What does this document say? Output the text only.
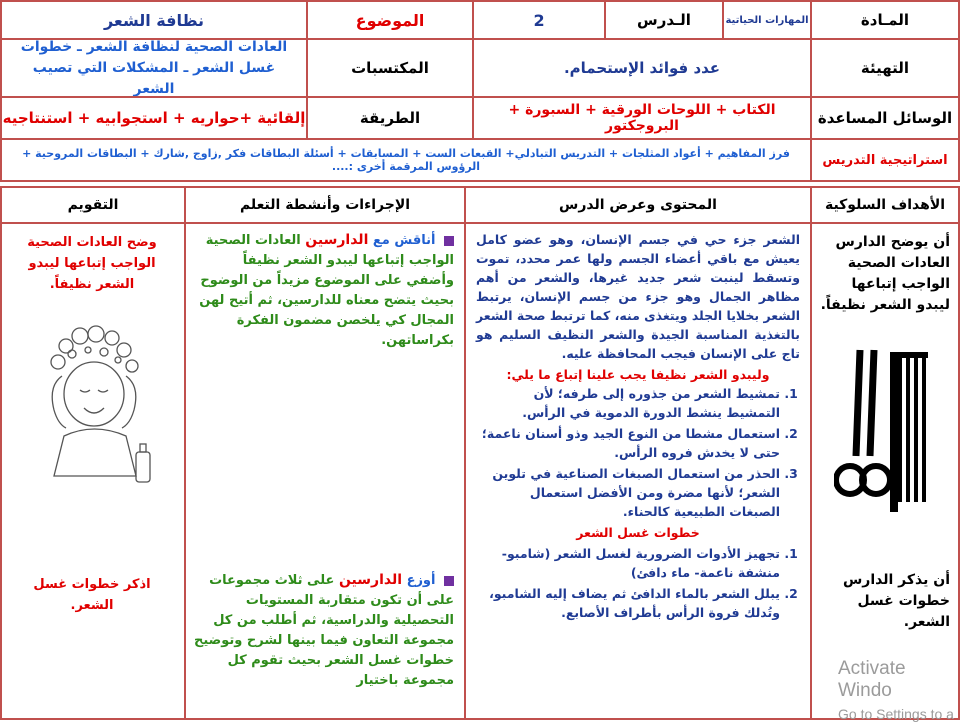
المـادة
المهارات الحياتية
الـدرس
2
الموضوع
نظافة الشعر
التهيئة
عدد فوائد الإستحمام.
المكتسبات
العادات الصحية لنظافة الشعر ـ خطوات غسل الشعر ـ المشكلات التي تصيب الشعر
الوسائل المساعدة
الكتاب + اللوحات الورقية + السبورة + البروجكتور
الطريقة
إلقائية +حواريه + استجوابيه + استنتاجيه
استراتيجية التدريس
فرز المفاهيم + أعواد المثلجات + التدريس التبادلي+ القبعات الست + المسابقات + أسئلة البطاقات فكر ,زاوج ,شارك + البطاقات المروحية + الرؤوس المرقمة أخرى :....
الأهداف السلوكية
المحتوى وعرض الدرس
الإجراءات وأنشطة التعلم
التقويم
أن يوضح الدارس العادات الصحية الواجب إتباعها ليبدو الشعر نظيفاً.
أن يذكر الدارس خطوات غسل الشعر.

الشعر جزء حي في جسم الإنسان، وهو عضو كامل يعيش مع باقي أعضاء الجسم ولها عمر محدد، تموت وتسقط لينبت شعر جديد غيرها، والشعر من أهم مظاهر الجمال وهو جزء من جسم الإنسان، يرتبط الشعر بخلايا الجلد ويتغذى منه، كما ترتبط صحة الشعر بالتغذية المناسبة الجيدة والشعر النظيف السليم هو تاج على الإنسان فيجب المحافظة عليه.

وليبدو الشعر نظيفا يجب علينا إتباع ما يلي:

1. تمشيط الشعر من جذوره إلى طرفه؛ لأن التمشيط ينشط الدورة الدموية في الرأس.
2. استعمال مشطا من النوع الجيد وذو أسنان ناعمة؛ حتى لا يخدش فروه الرأس.
3. الحذر من استعمال الصبغات الصناعية في تلوين الشعر؛ لأنها مضرة ومن الأفضل استعمال الصبغات الطبيعية كالحناء.

خطوات غسل الشعر

1. تجهيز الأدوات الضرورية لغسل الشعر (شامبو- منشفة ناعمة- ماء دافئ)
2. يبلل الشعر بالماء الدافئ ثم يضاف إليه الشامبو، وتُدلك فروة الرأس بأطراف الأصابع.
أناقش مع الدارسين العادات الصحية الواجب إتباعها ليبدو الشعر نظيفاً وأضفي على الموضوع مزيداً من الوضوح بحيث يتضح معناه للدارسين، ثم أتيح لهن المجال كي يلخصن مضمون الفكرة بكراساتهن.
أوزع الدارسين على ثلاث مجموعات على أن تكون متقاربة المستويات التحصيلية والدراسية، ثم أطلب من كل مجموعة التعاون فيما بينها لشرح وتوضيح خطوات غسل الشعر بحيث تقوم كل مجموعة باختيار
وضح العادات الصحية الواجب إتباعها ليبدو الشعر نظيفاً.
اذكر خطوات غسل الشعر.
Activate Windo
Go to Settings to a
